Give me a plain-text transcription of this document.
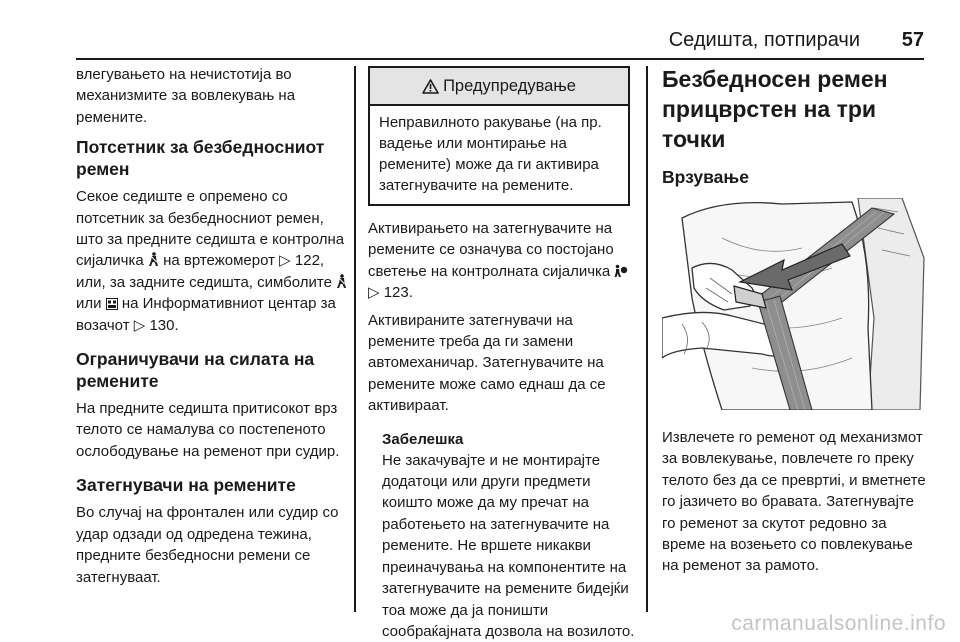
Седишта, потпирачи 57

влегувањето на нечистотија во механизмите за вовлекувањ на ремените.

Потсетник за безбедносниот ремен

Секое седиште е опремено со потсетник за безбедносниот ремен, што за предните седишта е контролна сијаличка на вртежомерот ▷ 122, или, за задните седишта, симболите  или на Информативниот центар за возачот ▷ 130.

Ограничувачи на силата на ремените

На предните седишта притисокот врз телото се намалува со постепеното ослободување на ременот при судир.

Затегнувачи на ремените

Во случај на фронтален или судир со удар одзади од одредена тежина, предните безбедносни ремени се затегнуваат.

Предупредување
Неправилното ракување (на пр. вадење или монтирање на ремените) може да ги активира затегнувачите на ремените.

Активирањето на затегнувачите на ремените се означува со постојано светење на контролната сијаличка  ▷ 123.

Активираните затегнувачи на ремените треба да ги замени автомеханичар. Затегнувачите на ремените може само еднаш да се активираат.

Забелешка

Не закачувајте и не монтирајте додатоци или други предмети коишто може да му пречат на работењето на затегнувачите на ремените. Не вршете никакви преиначувања на компонентите на затегнувачите на ремените бидејќи тоа може да ја поништи сообраќајната дозвола на возилото.

Безбедносен ремен прицврстен на три точки
Врзување

Извлечете го ременот од механизмот за вовлекување, повлечете го преку телото без да се превртиi, и вметнете го јазичето во бравата. Затегнувајте го ременот за скутот редовно за време на возењето со повлекување на ременот за рамото.

carmanualsonline.info
